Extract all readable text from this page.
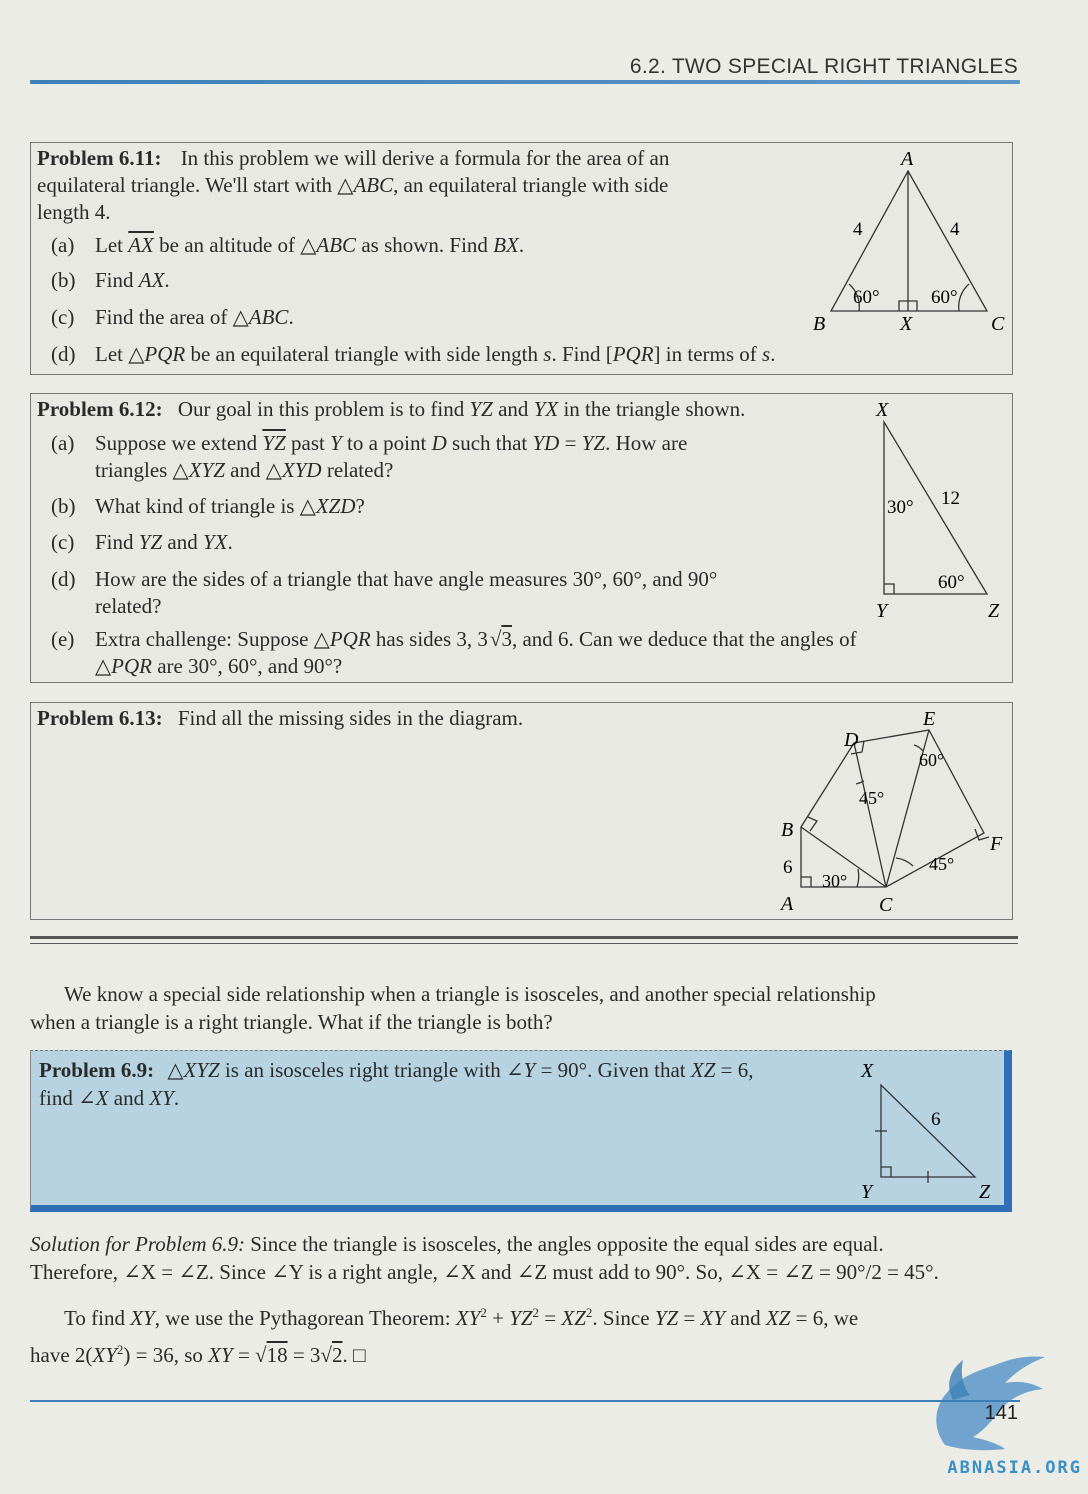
6.2. TWO SPECIAL RIGHT TRIANGLES

Problem 6.11: In this problem we will derive a formula for the area of an

equilateral triangle. We'll start with △ABC, an equilateral triangle with side

length 4.

(a) Let $\overline{AX}$ be an altitude of △ABC as shown. Find BX.
(b) Find AX.
(c) Find the area of △ABC.
(d) Let △PQR be an equilateral triangle with side length s. Find [PQR] in terms of s.
A
B	C
X
4	4
60°	60°

Problem 6.12: Our goal in this problem is to find YZ and YX in the triangle shown.

(a) Suppose we extend $\overline{YZ}$ past Y to a point D such that YD = YZ. How are
triangles △XYZ and △XYD related?
(b) What kind of triangle is △XZD?
(c) Find YZ and YX.
(d) How are the sides of a triangle that have angle measures 30°, 60°, and 90°
related?
(e) Extra challenge: Suppose △PQR has sides 3, 3√3, and 6. Can we deduce that the angles of
△PQR are 30°, 60°, and 90°?
X
Y	Z
12
30°
60°

Problem 6.13: Find all the missing sides in the diagram.

A
B
C
D
E
F
6
30°
45°
45°
60°
We know a special side relationship when a triangle is isosceles, and another special relationship
when a triangle is a right triangle. What if the triangle is both?

Problem 6.9: △XYZ is an isosceles right triangle with ∠Y = 90°. Given that XZ = 6,

find ∠X and XY.

X
Y	Z
6
Solution for Problem 6.9: Since the triangle is isosceles, the angles opposite the equal sides are equal.
Therefore, ∠X = ∠Z. Since ∠Y is a right angle, ∠X and ∠Z must add to 90°. So, ∠X = ∠Z = 90°/2 = 45°.
To find XY, we use the Pythagorean Theorem: $XY^2 + YZ^2 = XZ^2$. Since YZ = XY and XZ = 6, we
have $2(XY^2) = 36$, so XY = √18 = 3√2. □
141
ABNASIA.ORG
